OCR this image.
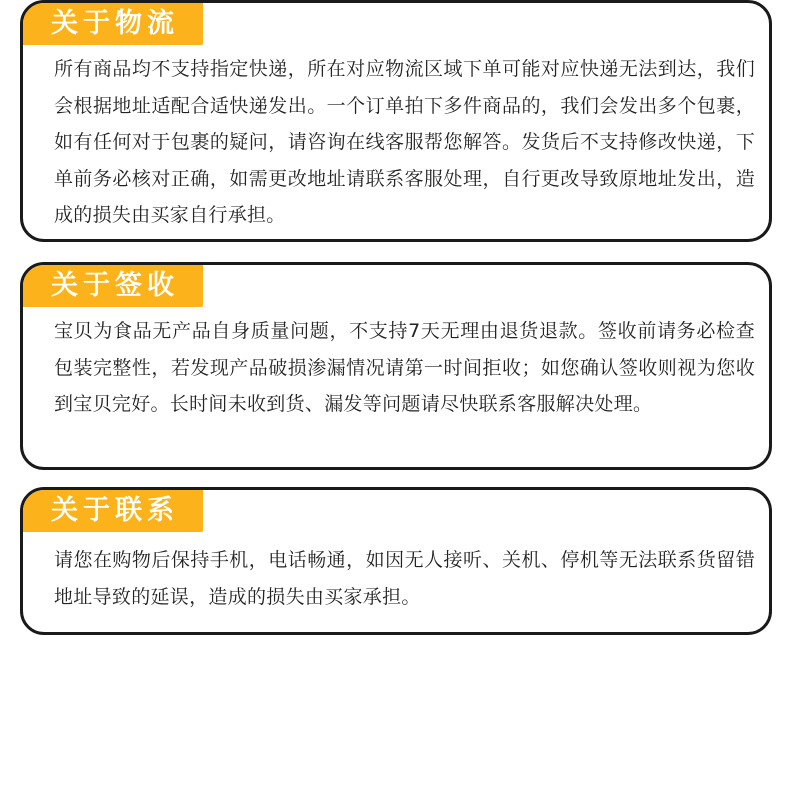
关于物流

所有商品均不支持指定快递，所在对应物流区域下单可能对应快递无法到达，我们会根据地址适配合适快递发出。一个订单拍下多件商品的，我们会发出多个包裹，如有任何对于包裹的疑问，请咨询在线客服帮您解答。发货后不支持修改快递，下单前务必核对正确，如需更改地址请联系客服处理，自行更改导致原地址发出，造成的损失由买家自行承担。

关于签收

宝贝为食品无产品自身质量问题，不支持7天无理由退货退款。签收前请务必检查包装完整性，若发现产品破损渗漏情况请第一时间拒收；如您确认签收则视为您收到宝贝完好。长时间未收到货、漏发等问题请尽快联系客服解决处理。

关于联系

请您在购物后保持手机，电话畅通，如因无人接听、关机、停机等无法联系货留错地址导致的延误，造成的损失由买家承担。
